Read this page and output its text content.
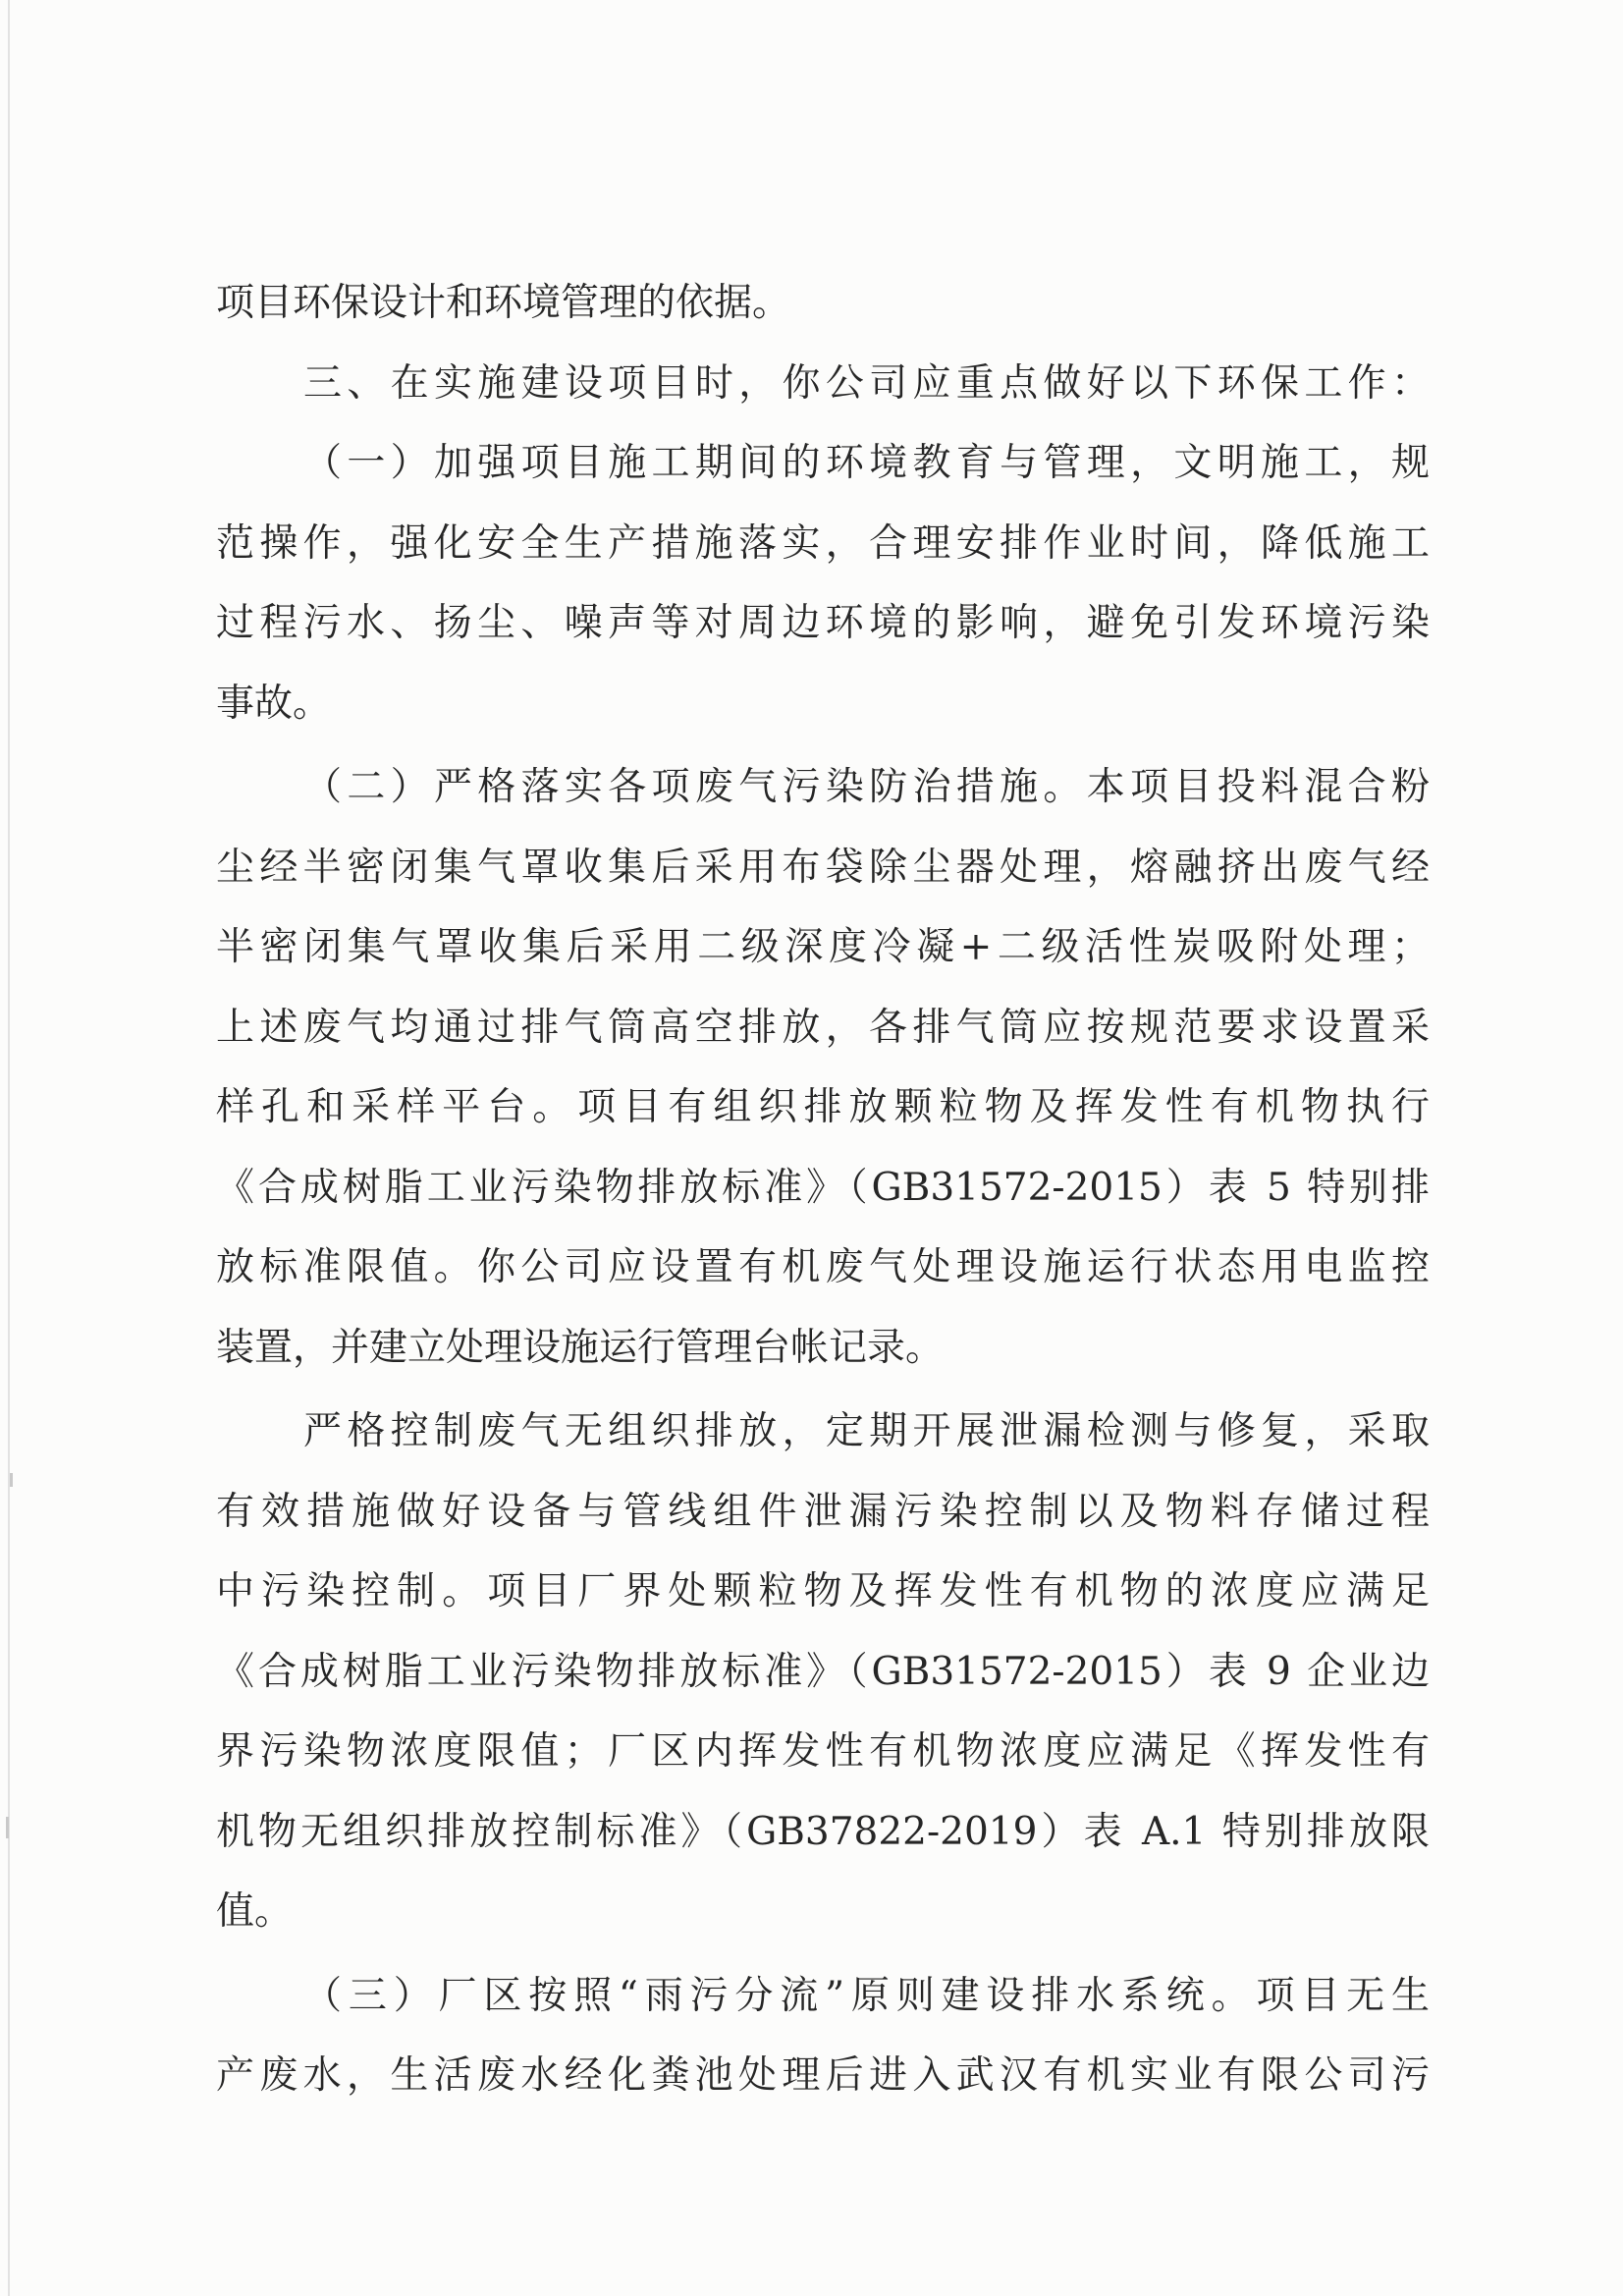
项目环保设计和环境管理的依据。
三、在实施建设项目时，你公司应重点做好以下环保工作：
（一）加强项目施工期间的环境教育与管理，文明施工，规
范操作，强化安全生产措施落实，合理安排作业时间，降低施工
过程污水、扬尘、噪声等对周边环境的影响，避免引发环境污染
事故。
（二）严格落实各项废气污染防治措施。本项目投料混合粉
尘经半密闭集气罩收集后采用布袋除尘器处理，熔融挤出废气经
半密闭集气罩收集后采用二级深度冷凝+二级活性炭吸附处理；
上述废气均通过排气筒高空排放，各排气筒应按规范要求设置采
样孔和采样平台。项目有组织排放颗粒物及挥发性有机物执行
《合成树脂工业污染物排放标准》（GB31572-2015）表 5 特别排
放标准限值。你公司应设置有机废气处理设施运行状态用电监控
装置，并建立处理设施运行管理台帐记录。
严格控制废气无组织排放，定期开展泄漏检测与修复，采取
有效措施做好设备与管线组件泄漏污染控制以及物料存储过程
中污染控制。项目厂界处颗粒物及挥发性有机物的浓度应满足
《合成树脂工业污染物排放标准》（GB31572-2015）表 9 企业边
界污染物浓度限值；厂区内挥发性有机物浓度应满足《挥发性有
机物无组织排放控制标准》（GB37822-2019）表 A.1 特别排放限
值。
（三）厂区按照“雨污分流”原则建设排水系统。项目无生
产废水，生活废水经化粪池处理后进入武汉有机实业有限公司污
